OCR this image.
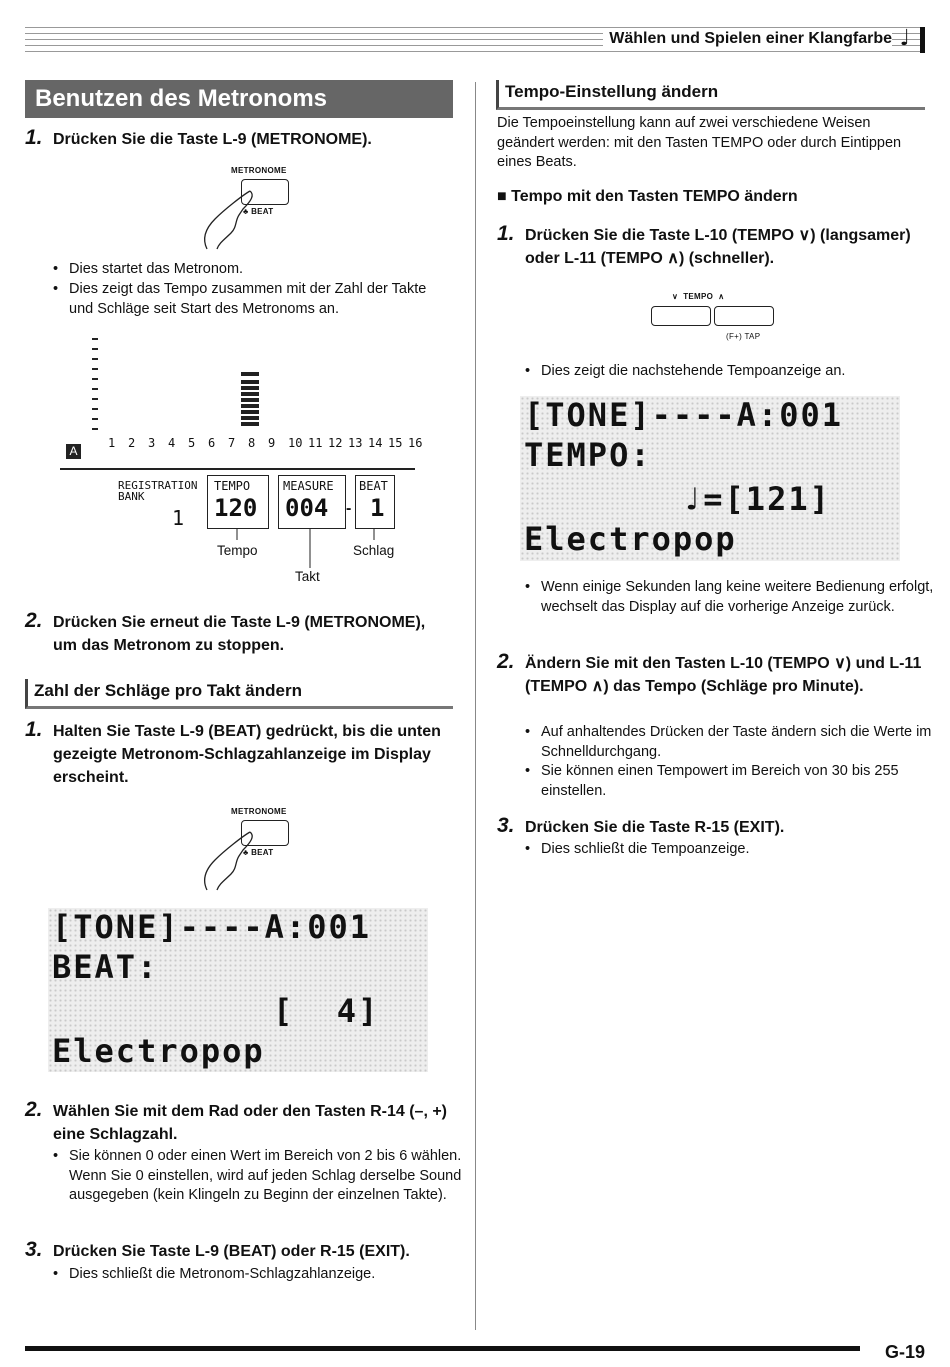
Wählen und Spielen einer Klangfarbe ♩
Benutzen des Metronoms
1. Drücken Sie die Taste L-9 (METRONOME).
METRONOME
♣ BEAT
• Dies startet das Metronom.
• Dies zeigt das Tempo zusammen mit der Zahl der Takte und Schläge seit Start des Metronoms an.
A
1 2 3 4 5 6 7 8 9 10 11 12 13 14 15 16
REGISTRATION
BANK
1
TEMPO
120
MEASURE
004 -
BEAT
1
Tempo	Schlag
Takt
2. Drücken Sie erneut die Taste L-9 (METRONOME), um das Metronom zu stoppen.
Zahl der Schläge pro Takt ändern
1. Halten Sie Taste L-9 (BEAT) gedrückt, bis die unten gezeigte Metronom-Schlagzahlanzeige im Display erscheint.
METRONOME
♣ BEAT
[TONE]----A:001
BEAT:
[  4]
Electropop
2. Wählen Sie mit dem Rad oder den Tasten R-14 (–, +) eine Schlagzahl.
• Sie können 0 oder einen Wert im Bereich von 2 bis 6 wählen. Wenn Sie 0 einstellen, wird auf jeden Schlag derselbe Sound ausgegeben (kein Klingeln zu Beginn der einzelnen Takte).
3. Drücken Sie Taste L-9 (BEAT) oder R-15 (EXIT).
• Dies schließt die Metronom-Schlagzahlanzeige.
Tempo-Einstellung ändern
Die Tempoeinstellung kann auf zwei verschiedene Weisen geändert werden: mit den Tasten TEMPO oder durch Eintippen eines Beats.
■ Tempo mit den Tasten TEMPO ändern
1. Drücken Sie die Taste L-10 (TEMPO ∨) (langsamer) oder L-11 (TEMPO ∧) (schneller).
∨  TEMPO  ∧
(F+) TAP
• Dies zeigt die nachstehende Tempoanzeige an.
[TONE]----A:001
TEMPO:
♩=[121]
Electropop
• Wenn einige Sekunden lang keine weitere Bedienung erfolgt, wechselt das Display auf die vorherige Anzeige zurück.
2. Ändern Sie mit den Tasten L-10 (TEMPO ∨) und L-11 (TEMPO ∧) das Tempo (Schläge pro Minute).
• Auf anhaltendes Drücken der Taste ändern sich die Werte im Schnelldurchgang.
• Sie können einen Tempowert im Bereich von 30 bis 255 einstellen.
3. Drücken Sie die Taste R-15 (EXIT).
• Dies schließt die Tempoanzeige.
G-19
